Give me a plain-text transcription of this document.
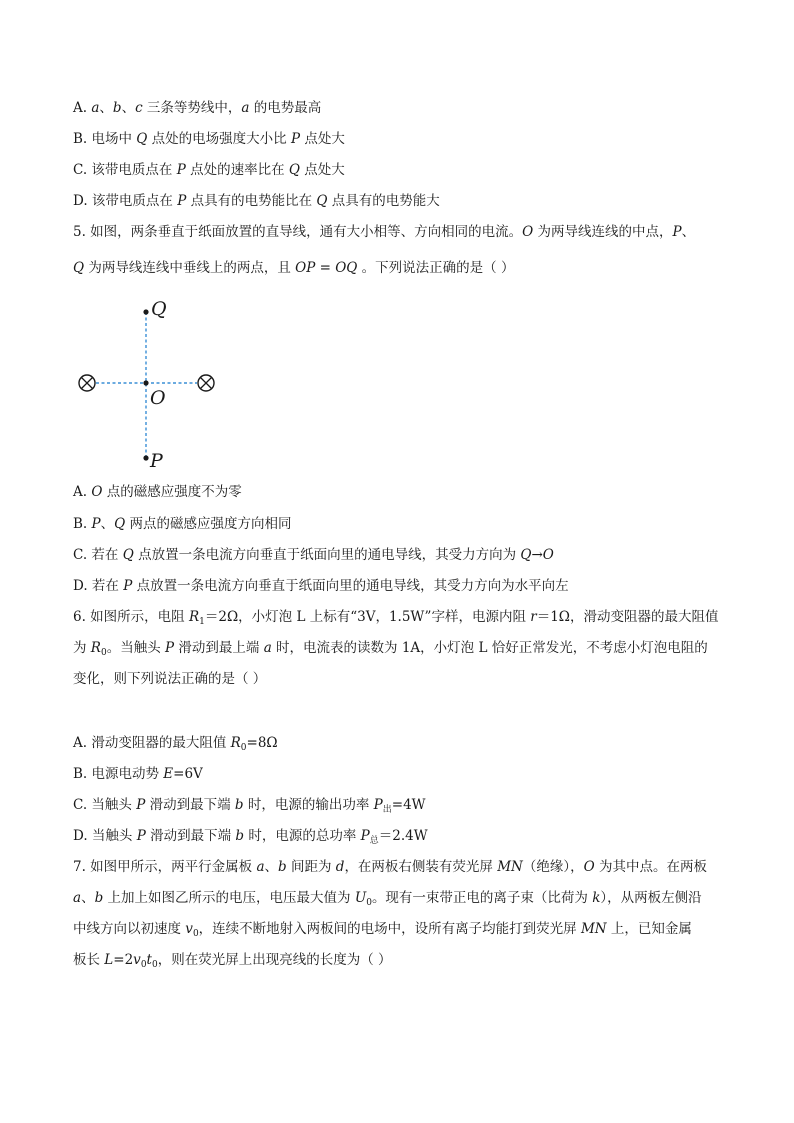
A. a、b、c 三条等势线中，a 的电势最高
B. 电场中 Q 点处的电场强度大小比 P 点处大
C. 该带电质点在 P 点处的速率比在 Q 点处大
D. 该带电质点在 P 点具有的电势能比在 Q 点具有的电势能大
5. 如图，两条垂直于纸面放置的直导线，通有大小相等、方向相同的电流。O 为两导线连线的中点，P、
Q 为两导线连线中垂线上的两点，且 OP = OQ 。下列说法正确的是（ ）
Q
O
P
A. O 点的磁感应强度不为零
B. P、Q 两点的磁感应强度方向相同
C. 若在 Q 点放置一条电流方向垂直于纸面向里的通电导线，其受力方向为 Q→O
D. 若在 P 点放置一条电流方向垂直于纸面向里的通电导线，其受力方向为水平向左
6. 如图所示，电阻 $R_1=2\Omega$，小灯泡 L 上标有“3V，1.5W”字样，电源内阻 r＝1Ω，滑动变阻器的最大阻值
为 $R_0$。当触头 P 滑动到最上端 a 时，电流表的读数为 1A，小灯泡 L 恰好正常发光，不考虑小灯泡电阻的
变化，则下列说法正确的是（ ）
A. 滑动变阻器的最大阻值 $R_0=8\Omega$
B. 电源电动势 E=6V
C. 当触头 P 滑动到最下端 b 时，电源的输出功率 $P_出=4W$
D. 当触头 P 滑动到最下端 b 时，电源的总功率 $P_总=2.4W$
7. 如图甲所示，两平行金属板 a、b 间距为 d，在两板右侧装有荧光屏 MN（绝缘），O 为其中点。在两板
a、b 上加上如图乙所示的电压，电压最大值为 $U_0$。现有一束带正电的离子束（比荷为 k），从两板左侧沿
中线方向以初速度 $v_0$，连续不断地射入两板间的电场中，设所有离子均能打到荧光屏 MN 上，已知金属
板长 $L=2v_0t_0$，则在荧光屏上出现亮线的长度为（ ）
